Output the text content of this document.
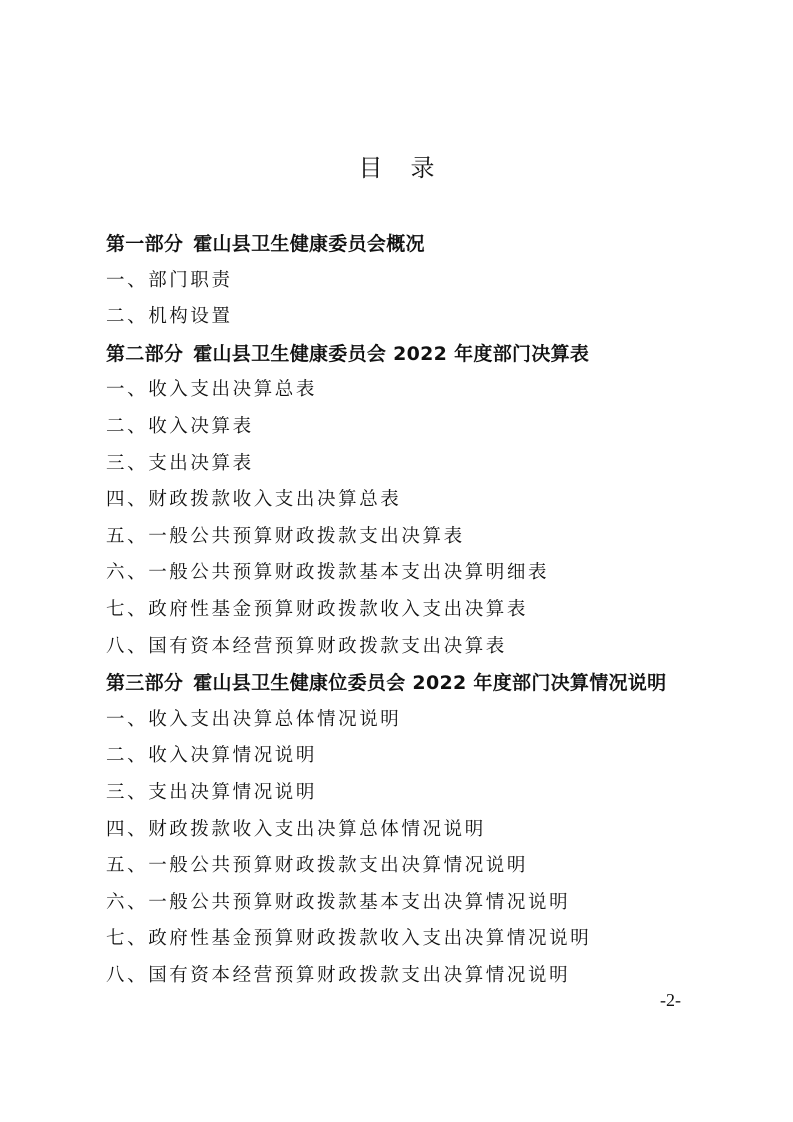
目录
第一部分 霍山县卫生健康委员会概况
一、部门职责
二、机构设置
第二部分 霍山县卫生健康委员会 2022 年度部门决算表
一、收入支出决算总表
二、收入决算表
三、支出决算表
四、财政拨款收入支出决算总表
五、一般公共预算财政拨款支出决算表
六、一般公共预算财政拨款基本支出决算明细表
七、政府性基金预算财政拨款收入支出决算表
八、国有资本经营预算财政拨款支出决算表
第三部分 霍山县卫生健康位委员会 2022 年度部门决算情况说明
一、收入支出决算总体情况说明
二、收入决算情况说明
三、支出决算情况说明
四、财政拨款收入支出决算总体情况说明
五、一般公共预算财政拨款支出决算情况说明
六、一般公共预算财政拨款基本支出决算情况说明
七、政府性基金预算财政拨款收入支出决算情况说明
八、国有资本经营预算财政拨款支出决算情况说明
-2-
